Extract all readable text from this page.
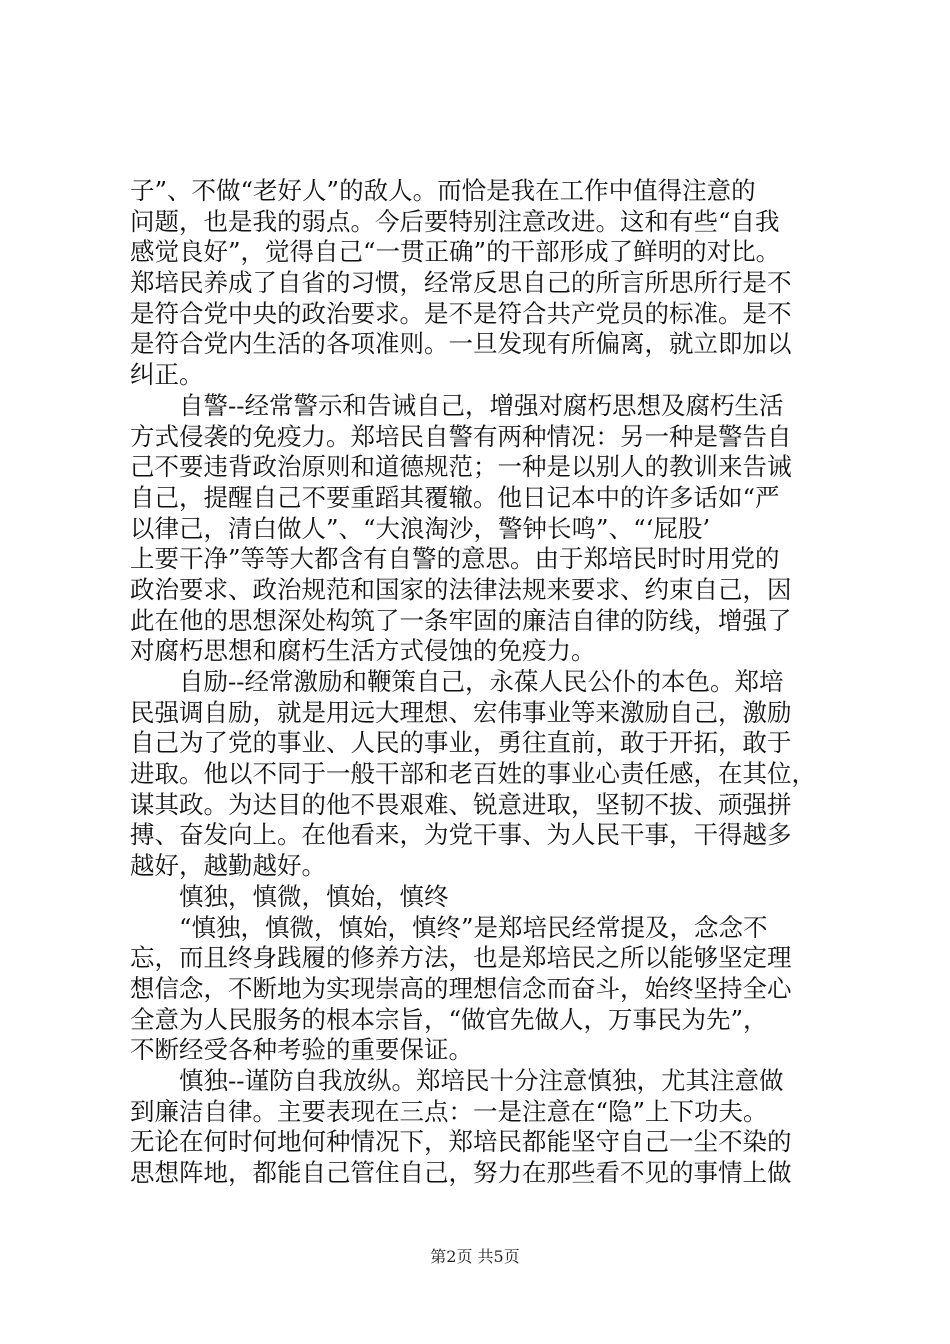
子”、不做“老好人”的敌人。而恰是我在工作中值得注意的
问题，也是我的弱点。今后要特别注意改进。这和有些“自我
感觉良好”，觉得自己“一贯正确”的干部形成了鲜明的对比。
郑培民养成了自省的习惯，经常反思自己的所言所思所行是不
是符合党中央的政治要求。是不是符合共产党员的标准。是不
是符合党内生活的各项准则。一旦发现有所偏离，就立即加以
纠正。
　　自警--经常警示和告诫自己，增强对腐朽思想及腐朽生活
方式侵袭的免疫力。郑培民自警有两种情况：另一种是警告自
己不要违背政治原则和道德规范；一种是以别人的教训来告诫
自己，提醒自己不要重蹈其覆辙。他日记本中的许多话如“严
以律己，清白做人”、“大浪淘沙，警钟长鸣”、“‘屁股’
上要干净”等等大都含有自警的意思。由于郑培民时时用党的
政治要求、政治规范和国家的法律法规来要求、约束自己，因
此在他的思想深处构筑了一条牢固的廉洁自律的防线，增强了
对腐朽思想和腐朽生活方式侵蚀的免疫力。
　　自励--经常激励和鞭策自己，永葆人民公仆的本色。郑培
民强调自励，就是用远大理想、宏伟事业等来激励自己，激励
自己为了党的事业、人民的事业，勇往直前，敢于开拓，敢于
进取。他以不同于一般干部和老百姓的事业心责任感，在其位，
谋其政。为达目的他不畏艰难、锐意进取，坚韧不拔、顽强拼
搏、奋发向上。在他看来，为党干事、为人民干事，干得越多
越好，越勤越好。
　　慎独，慎微，慎始，慎终
　　“慎独，慎微，慎始，慎终”是郑培民经常提及，念念不
忘，而且终身践履的修养方法，也是郑培民之所以能够坚定理
想信念，不断地为实现崇高的理想信念而奋斗，始终坚持全心
全意为人民服务的根本宗旨，“做官先做人，万事民为先”，
不断经受各种考验的重要保证。
　　慎独--谨防自我放纵。郑培民十分注意慎独，尤其注意做
到廉洁自律。主要表现在三点：一是注意在“隐”上下功夫。
无论在何时何地何种情况下，郑培民都能坚守自己一尘不染的
思想阵地，都能自己管住自己，努力在那些看不见的事情上做
第2页 共5页
